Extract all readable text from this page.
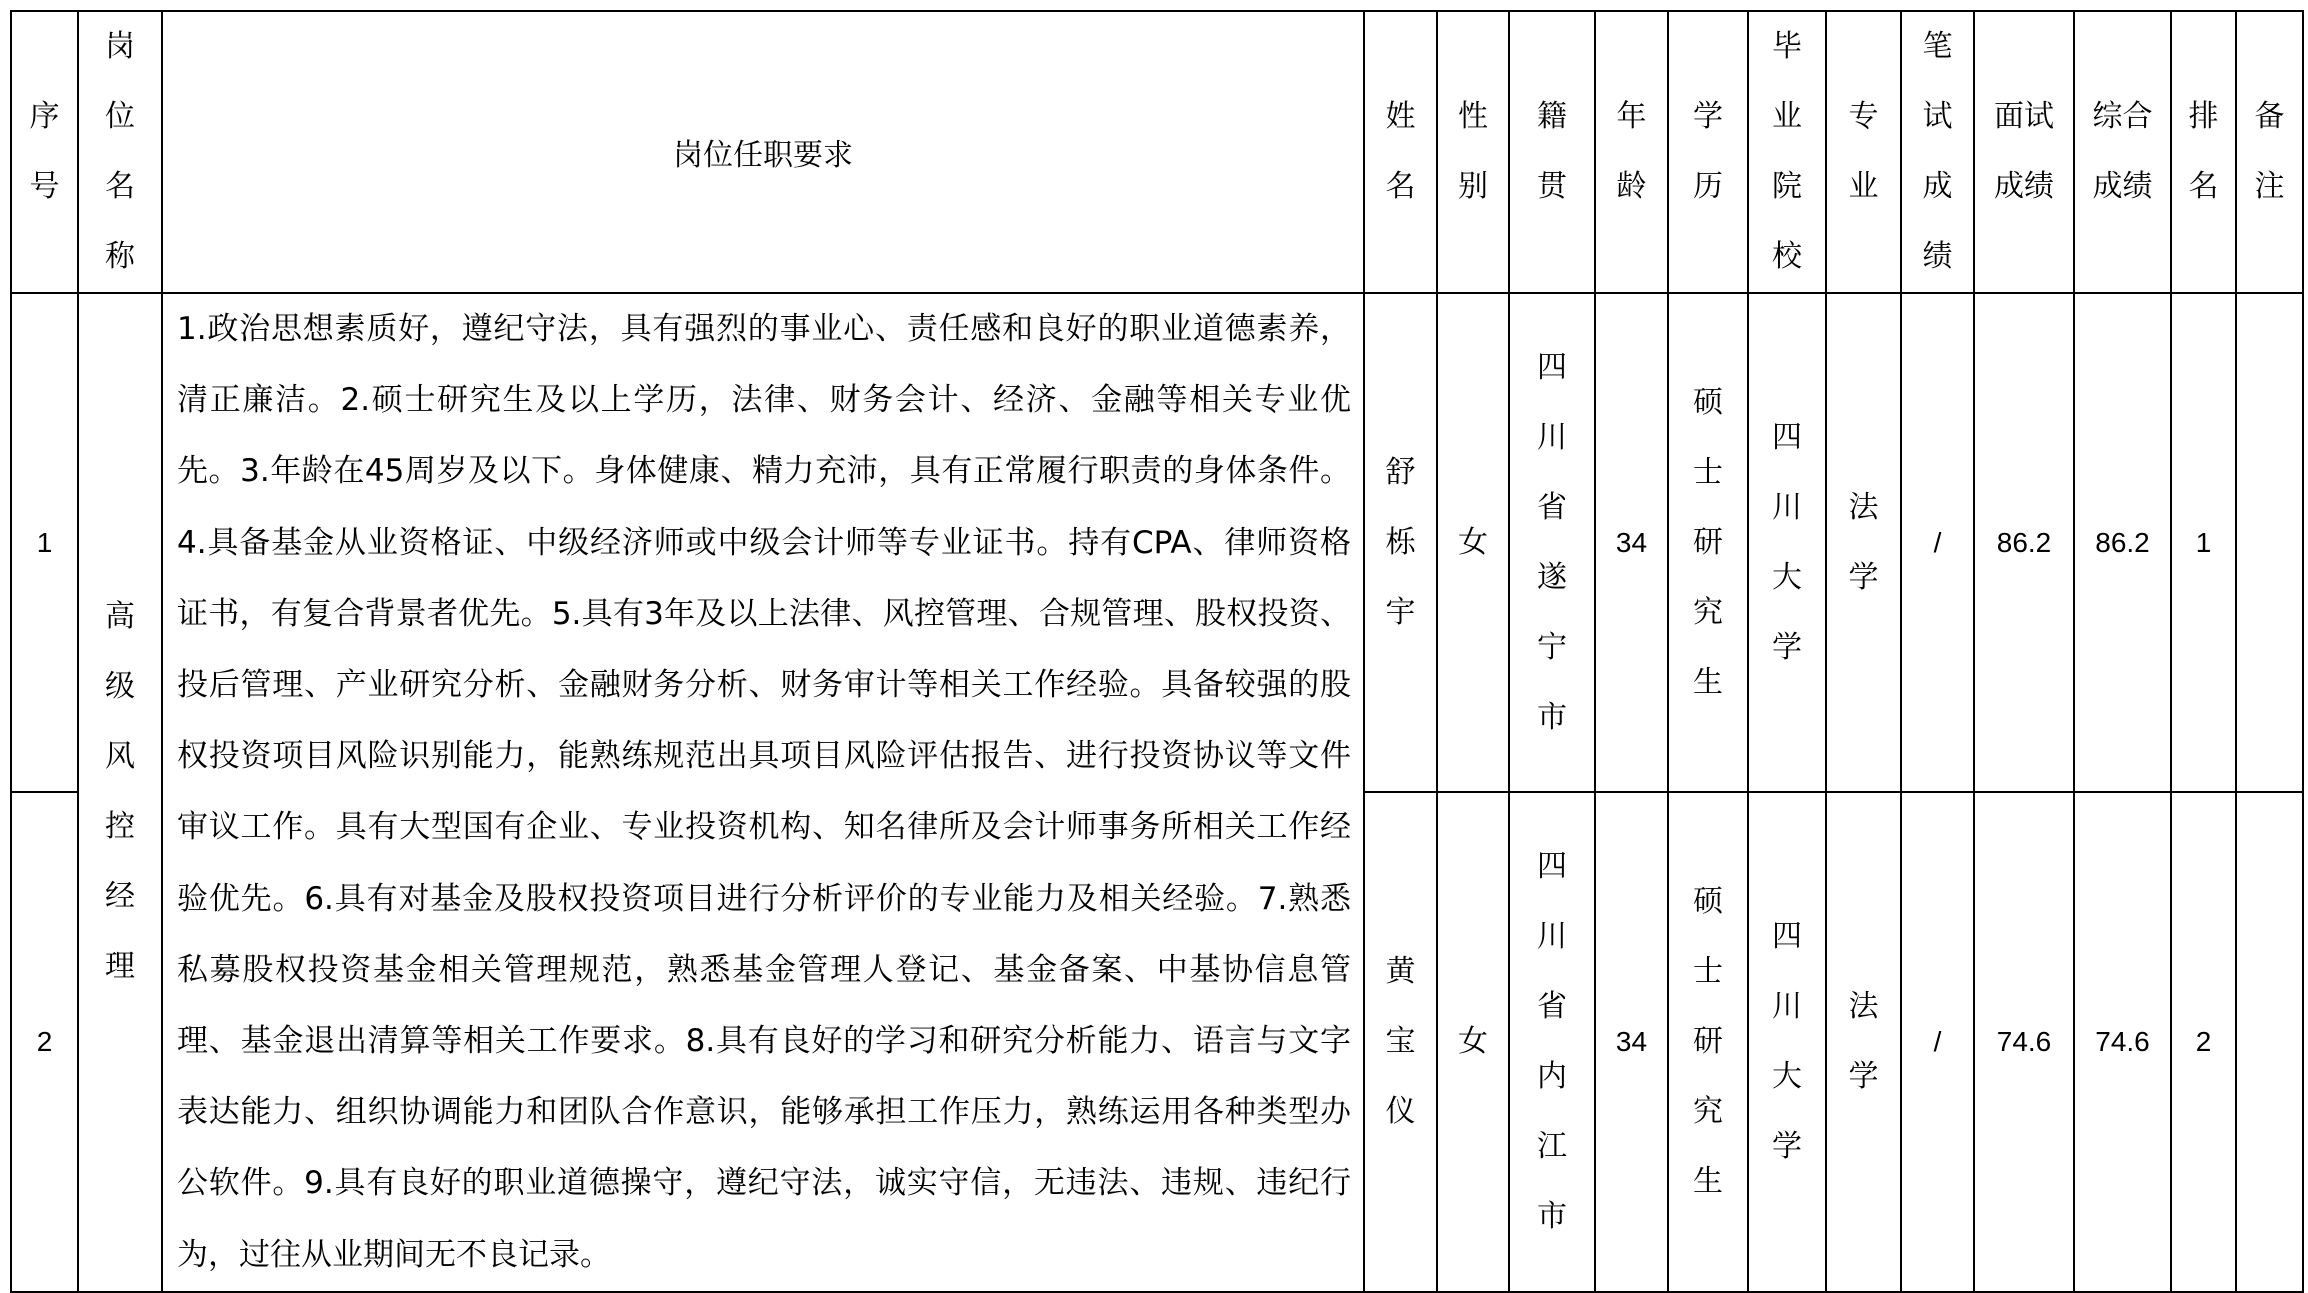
序号	岗位名称	岗位任职要求	姓名	性别	籍贯	年龄	学历	毕业院校	专业	笔试成绩	面试成绩	综合成绩	排名	备注
1	高级风控经理	1.政治思想素质好，遵纪守法，具有强烈的事业心、责任感和良好的职业道德素养，清正廉洁。2.硕士研究生及以上学历，法律、财务会计、经济、金融等相关专业优先。3.年龄在45周岁及以下。身体健康、精力充沛，具有正常履行职责的身体条件。4.具备基金从业资格证、中级经济师或中级会计师等专业证书。持有CPA、律师资格证书，有复合背景者优先。5.具有3年及以上法律、风控管理、合规管理、股权投资、投后管理、产业研究分析、金融财务分析、财务审计等相关工作经验。具备较强的股权投资项目风险识别能力，能熟练规范出具项目风险评估报告、进行投资协议等文件审议工作。具有大型国有企业、专业投资机构、知名律所及会计师事务所相关工作经验优先。6.具有对基金及股权投资项目进行分析评价的专业能力及相关经验。7.熟悉私募股权投资基金相关管理规范，熟悉基金管理人登记、基金备案、中基协信息管理、基金退出清算等相关工作要求。8.具有良好的学习和研究分析能力、语言与文字表达能力、组织协调能力和团队合作意识，能够承担工作压力，熟练运用各种类型办公软件。9.具有良好的职业道德操守，遵纪守法，诚实守信，无违法、违规、违纪行为，过往从业期间无不良记录。	舒栎宇	女	四川省遂宁市	34	硕士研究生	四川大学	法学	/	86.2	86.2	1	
2			黄宝仪	女	四川省内江市	34	硕士研究生	四川大学	法学	/	74.6	74.6	2	
